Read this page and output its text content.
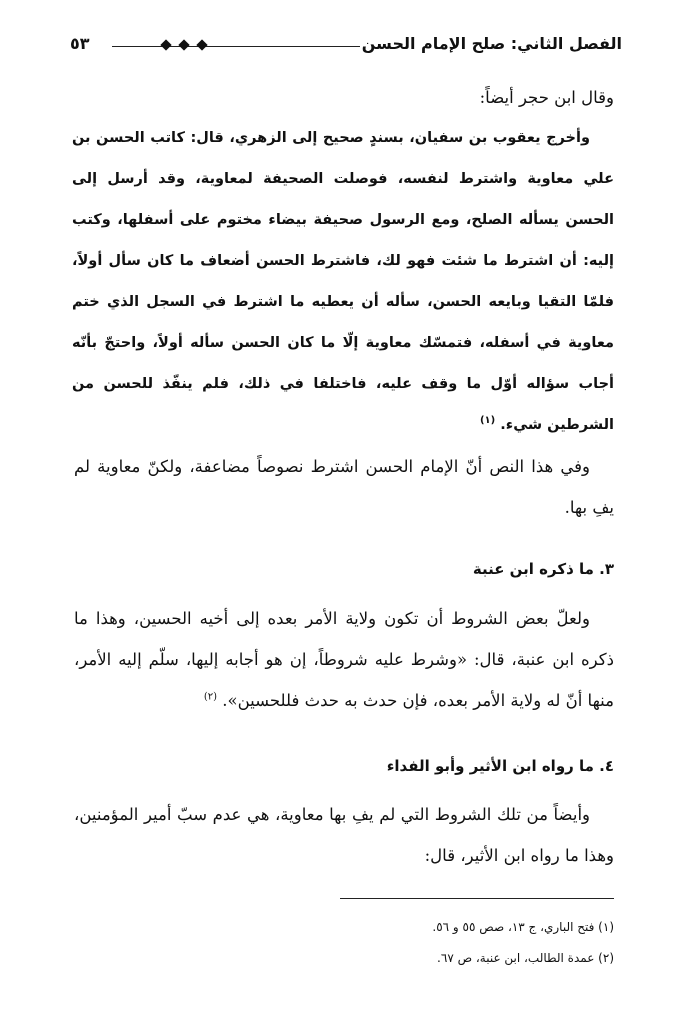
الفصل الثاني: صلح الإمام الحسن
٥٣

وقال ابن حجر أيضاً:

وأخرج يعقوب بن سفيان، بسندٍ صحيح إلى الزهري، قال: كاتب الحسن بن علي معاوية واشترط لنفسه، فوصلت الصحيفة لمعاوية، وقد أرسل إلى الحسن يسأله الصلح، ومع الرسول صحيفة بيضاء مختوم على أسفلها، وكتب إليه: أن اشترط ما شئت فهو لك، فاشترط الحسن أضعاف ما كان سأل أولاً، فلمّا التقيا وبايعه الحسن، سأله أن يعطيه ما اشترط في السجل الذي ختم معاوية في أسفله، فتمسّك معاوية إلّا ما كان الحسن سأله أولاً، واحتجّ بأنّه أجاب سؤاله أوّل ما وقف عليه، فاختلفا في ذلك، فلم ينفّذ للحسن من الشرطين شيء. $^{(١)}$

وفي هذا النص أنّ الإمام الحسن اشترط نصوصاً مضاعفة، ولكنّ معاوية لم يفِ بها.

٣. ما ذكره ابن عنبة

ولعلّ بعض الشروط أن تكون ولاية الأمر بعده إلى أخيه الحسين، وهذا ما ذكره ابن عنبة، قال: «وشرط عليه شروطاً، إن هو أجابه إليها، سلّم إليه الأمر، منها أنّ له ولاية الأمر بعده، فإن حدث به حدث فللحسين». $^{(٢)}$

٤. ما رواه ابن الأثير وأبو الفداء

وأيضاً من تلك الشروط التي لم يفِ بها معاوية، هي عدم سبّ أمير المؤمنين، وهذا ما رواه ابن الأثير، قال:

(١) فتح الباري، ج ١٣، صص ٥٥ و ٥٦.
(٢) عمدة الطالب، ابن عنبة، ص ٦٧.
